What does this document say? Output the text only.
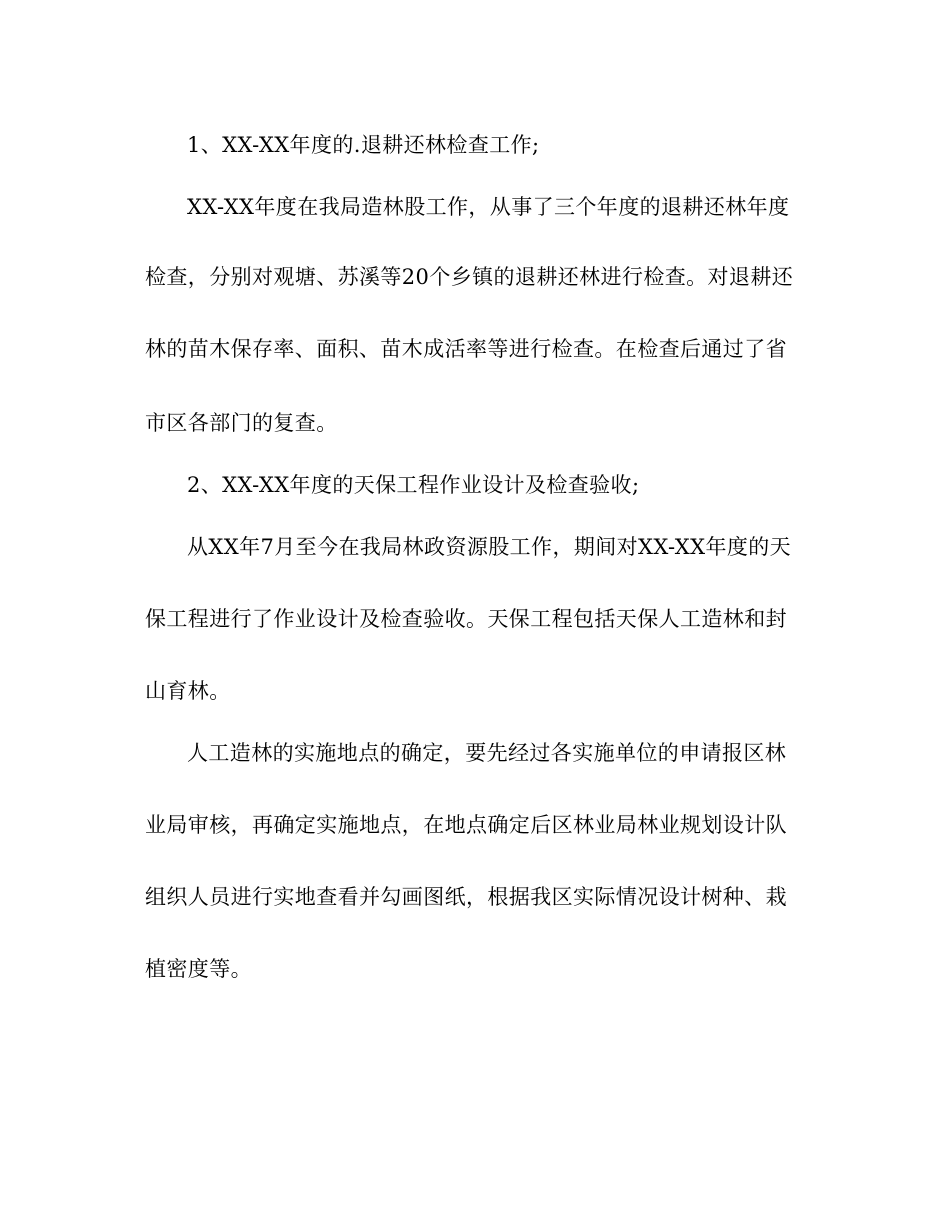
1、XX-XX年度的.退耕还林检查工作;
XX-XX年度在我局造林股工作，从事了三个年度的退耕还林年度
检查，分别对观塘、苏溪等20个乡镇的退耕还林进行检查。对退耕还
林的苗木保存率、面积、苗木成活率等进行检查。在检查后通过了省
市区各部门的复查。
2、XX-XX年度的天保工程作业设计及检查验收;
从XX年7月至今在我局林政资源股工作，期间对XX-XX年度的天
保工程进行了作业设计及检查验收。天保工程包括天保人工造林和封
山育林。
人工造林的实施地点的确定，要先经过各实施单位的申请报区林
业局审核，再确定实施地点，在地点确定后区林业局林业规划设计队
组织人员进行实地查看并勾画图纸，根据我区实际情况设计树种、栽
植密度等。
